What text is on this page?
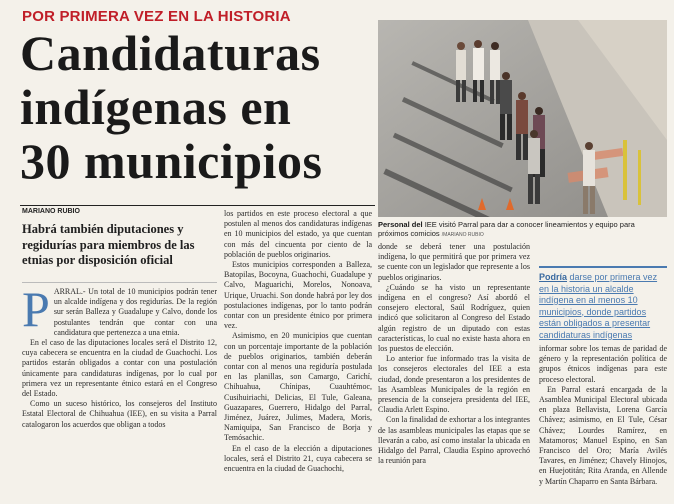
POR PRIMERA VEZ EN LA HISTORIA
Candidaturas
indígenas en
30 municipios
MARIANO RUBIO
Habrá también diputaciones y regidurías para miembros de las etnias por disposición oficial

PARRAL.- Un total de 10 municipios podrán tener un alcalde indígena y dos regidurías. De la región sur serán Balleza y Guadalupe y Calvo, donde los postulantes tendrán que contar con una candidatura que pertenezca a una etnia.

En el caso de las diputaciones locales será el Distrito 12, cuya cabecera se encuentra en la ciudad de Guachochi. Los partidos estarán obligados a contar con una postulación únicamente para candidaturas indígenas, por lo cual por primera vez un representante étnico estará en el Congreso del Estado.

Como un suceso histórico, los consejeros del Instituto Estatal Electoral de Chihuahua (IEE), en su visita a Parral catalogaron los acuerdos que obligan a todos

los partidos en este proceso electoral a que postulen al menos dos candidaturas indígenas en 10 municipios del estado, ya que cuentan con más del cincuenta por ciento de la población de pueblos originarios.

Estos municipios corresponden a Balleza, Batopilas, Bocoyna, Guachochi, Guadalupe y Calvo, Maguarichi, Morelos, Nonoava, Urique, Uruachi. Son donde habrá por ley dos postulaciones indígenas, por lo tanto podrán contar con un presidente étnico por primera vez.

Asimismo, en 20 municipios que cuentan con un porcentaje importante de la población de pueblos originarios, también deberán contar con al menos una regiduría postulada en las planillas, son Camargo, Carichí, Chihuahua, Chínipas, Cuauhtémoc, Cusihuiriachi, Delicias, El Tule, Galeana, Guazapares, Guerrero, Hidalgo del Parral, Jiménez, Juárez, Julimes, Madera, Moris, Namiquipa, San Francisco de Borja y Temósachic.

En el caso de la elección a diputaciones locales, será el Distrito 21, cuya cabecera se encuentra en la ciudad de Guachochi,

Personal del IEE visitó Parral para dar a conocer lineamientos y equipo para próximos comicios /MARIANO RUBIO

donde se deberá tener una postulación indígena, lo que permitirá que por primera vez se cuente con un legislador que represente a los pueblos originarios.

¿Cuándo se ha visto un representante indígena en el congreso? Así abordó el consejero electoral, Saúl Rodríguez, quien indicó que solicitaron al Congreso del Estado algún registro de un diputado con estas características, lo cual no existe hasta ahora en los puestos de elección.

Lo anterior fue informado tras la visita de los consejeros electorales del IEE a esta ciudad, donde presentaron a los presidentes de las Asambleas Municipales de la región en presencia de la consejera presidenta del IEE, Claudia Arlett Espino.

Con la finalidad de exhortar a los integrantes de las asambleas municipales las etapas que se llevarán a cabo, así como instalar la ubicada en Hidalgo del Parral, Claudia Espino aprovechó la reunión para

Podría darse por primera vez en la historia un alcalde indígena en al menos 10 municipios, donde partidos están obligados a presentar candidaturas indígenas

informar sobre los temas de paridad de género y la representación política de grupos étnicos indígenas para este proceso electoral.

En Parral estará encargada de la Asamblea Municipal Electoral ubicada en plaza Bellavista, Lorena García Chávez; asimismo, en El Tule, César Chávez; Lourdes Ramírez, en Matamoros; Manuel Espino, en San Francisco del Oro; María Avilés Tavares, en Jiménez; Chavely Hinojos, en Huejotitán; Rita Aranda, en Allende y Martín Chaparro en Santa Bárbara.
